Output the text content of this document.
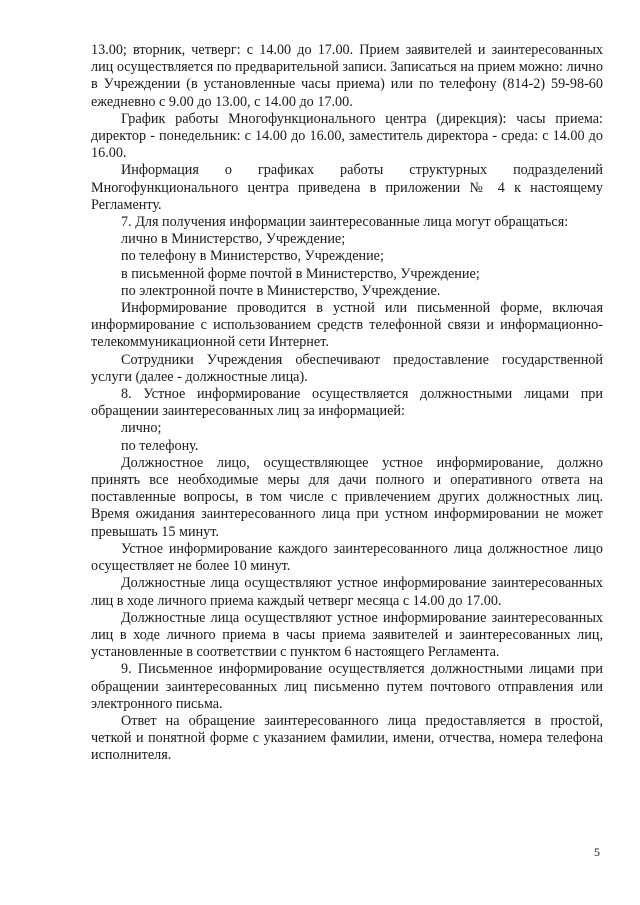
13.00; вторник, четверг: с 14.00 до 17.00. Прием заявителей и заинтересованных лиц осуществляется по предварительной записи. Записаться на прием можно: лично в Учреждении (в установленные часы приема) или по телефону (814-2) 59-98-60 ежедневно с 9.00 до 13.00, с 14.00 до 17.00.

График работы Многофункционального центра (дирекция): часы приема: директор - понедельник: с 14.00 до 16.00, заместитель директора - среда: с 14.00 до 16.00.

Информация о графиках работы структурных подразделений Многофункционального центра приведена в приложении № 4 к настоящему Регламенту.

7. Для получения информации заинтересованные лица могут обращаться:

лично в Министерство, Учреждение;

по телефону в Министерство, Учреждение;

в письменной форме почтой в Министерство, Учреждение;

по электронной почте в Министерство, Учреждение.

Информирование проводится в устной или письменной форме, включая информирование с использованием средств телефонной связи и информационно-телекоммуникационной сети Интернет.

Сотрудники Учреждения обеспечивают предоставление государственной услуги (далее - должностные лица).

8. Устное информирование осуществляется должностными лицами при обращении заинтересованных лиц за информацией:

лично;

по телефону.

Должностное лицо, осуществляющее устное информирование, должно принять все необходимые меры для дачи полного и оперативного ответа на поставленные вопросы, в том числе с привлечением других должностных лиц. Время ожидания заинтересованного лица при устном информировании не может превышать 15 минут.

Устное информирование каждого заинтересованного лица должностное лицо осуществляет не более 10 минут.

Должностные лица осуществляют устное информирование заинтересованных лиц в ходе личного приема каждый четверг месяца с 14.00 до 17.00.

Должностные лица осуществляют устное информирование заинтересованных лиц в ходе личного приема в часы приема заявителей и заинтересованных лиц, установленные в соответствии с пунктом 6 настоящего Регламента.

9. Письменное информирование осуществляется должностными лицами при обращении заинтересованных лиц письменно путем почтового отправления или электронного письма.

Ответ на обращение заинтересованного лица предоставляется в простой, четкой и понятной форме с указанием фамилии, имени, отчества, номера телефона исполнителя.

5
